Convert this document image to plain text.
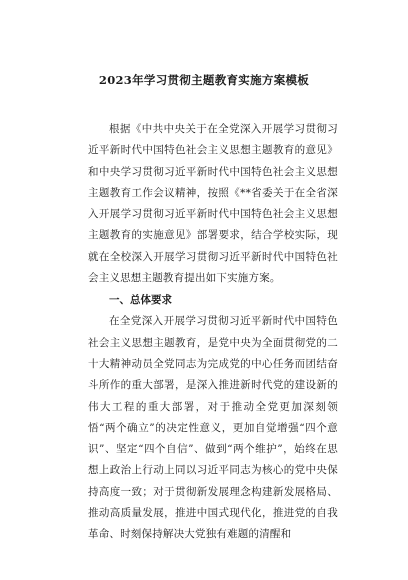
2023年学习贯彻主题教育实施方案模板

根据《中共中央关于在全党深入开展学习贯彻习近平新时代中国特色社会主义思想主题教育的意见》和中央学习贯彻习近平新时代中国特色社会主义思想主题教育工作会议精神，按照《**省委关于在全省深入开展学习贯彻习近平新时代中国特色社会主义思想主题教育的实施意见》部署要求，结合学校实际，现就在全校深入开展学习贯彻习近平新时代中国特色社会主义思想主题教育提出如下实施方案。

一、总体要求

在全党深入开展学习贯彻习近平新时代中国特色社会主义思想主题教育，是党中央为全面贯彻党的二十大精神动员全党同志为完成党的中心任务而团结奋斗所作的重大部署，是深入推进新时代党的建设新的伟大工程的重大部署，对于推动全党更加深刻领悟“两个确立”的决定性意义，更加自觉增强“四个意识”、坚定“四个自信”、做到“两个维护”，始终在思想上政治上行动上同以习近平同志为核心的党中央保持高度一致；对于贯彻新发展理念构建新发展格局、推动高质量发展，推进中国式现代化，推进党的自我革命、时刻保持解决大党独有难题的清醒和
